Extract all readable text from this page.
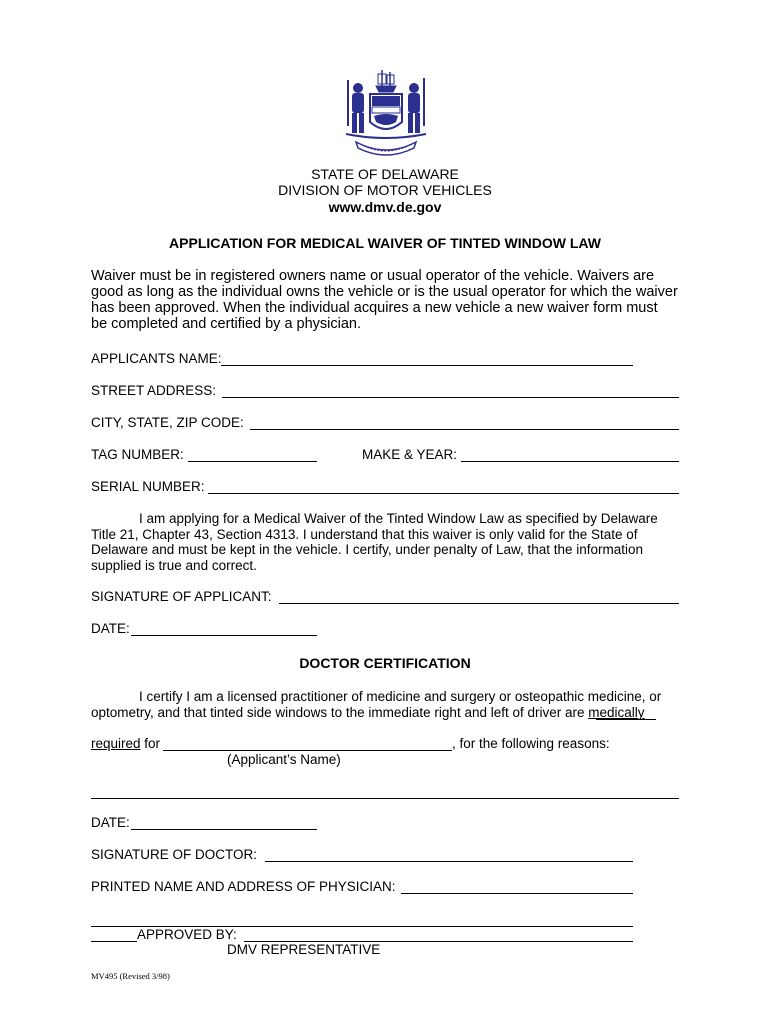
STATE OF DELAWARE
DIVISION OF MOTOR VEHICLES
www.dmv.de.gov
APPLICATION FOR MEDICAL WAIVER OF TINTED WINDOW LAW
Waiver must be in registered owners name or usual operator of the vehicle. Waivers are
good as long as the individual owns the vehicle or is the usual operator for which the waiver
has been approved. When the individual acquires a new vehicle a new waiver form must
be completed and certified by a physician.
APPLICANTS NAME:
STREET ADDRESS:
CITY, STATE, ZIP CODE:
TAG NUMBER:	MAKE & YEAR:
SERIAL NUMBER:
I am applying for a Medical Waiver of the Tinted Window Law as specified by Delaware
Title 21, Chapter 43, Section 4313. I understand that this waiver is only valid for the State of
Delaware and must be kept in the vehicle. I certify, under penalty of Law, that the information
supplied is true and correct.
SIGNATURE OF APPLICANT:
DATE:
DOCTOR CERTIFICATION
I certify I am a licensed practitioner of medicine and surgery or osteopathic medicine, or
optometry, and that tinted side windows to the immediate right and left of driver are medically
required for	, for the following reasons:
(Applicant’s Name)
DATE:
SIGNATURE OF DOCTOR:
PRINTED NAME AND ADDRESS OF PHYSICIAN:
APPROVED BY:
DMV REPRESENTATIVE
MV495 (Revised 3/98)
